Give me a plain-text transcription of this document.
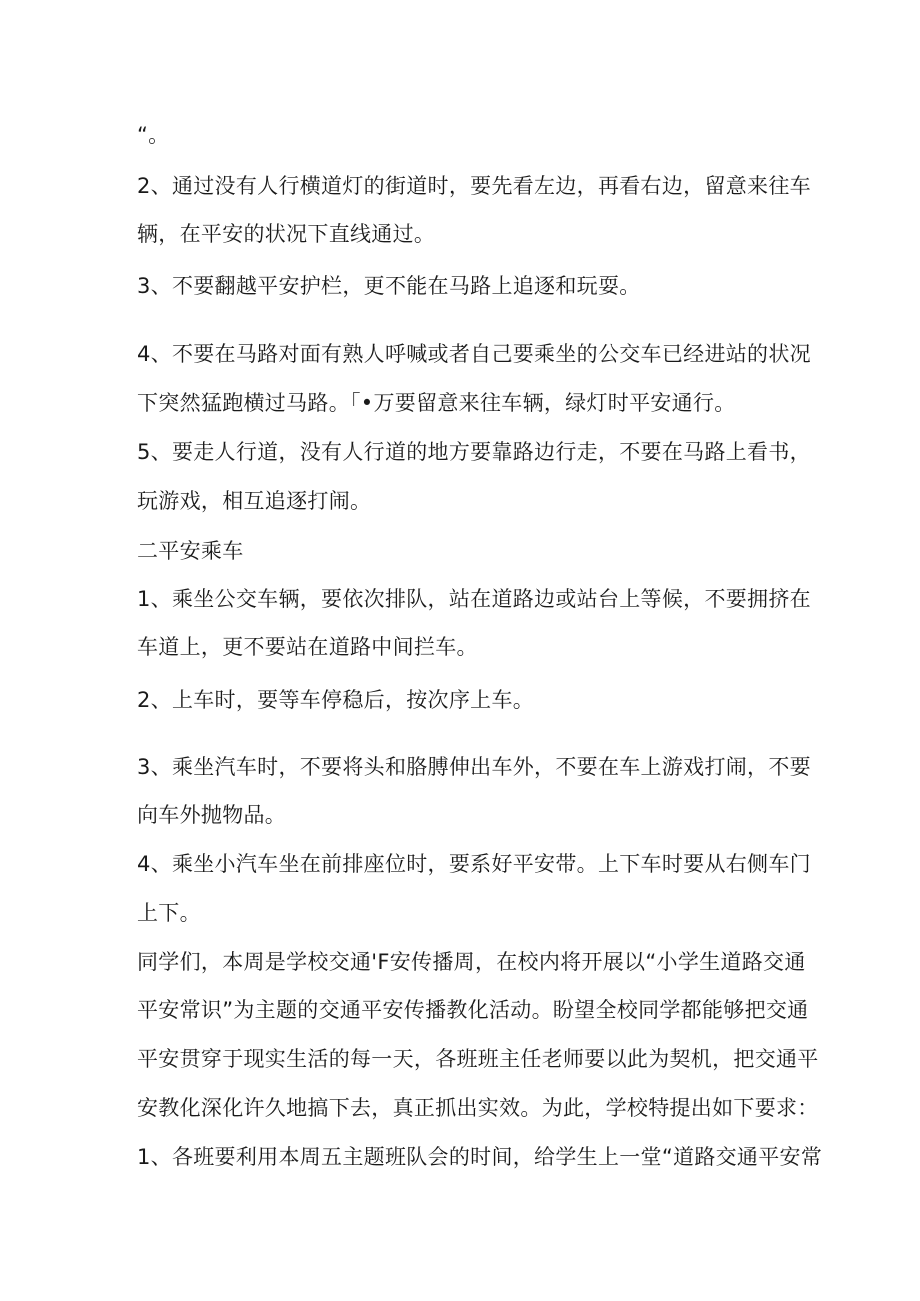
“。
2、通过没有人行横道灯的街道时，要先看左边，再看右边，留意来往车
辆，在平安的状况下直线通过。
3、不要翻越平安护栏，更不能在马路上追逐和玩耍。
4、不要在马路对面有熟人呼喊或者自己要乘坐的公交车已经进站的状况
下突然猛跑横过马路。「•万要留意来往车辆，绿灯时平安通行。
5、要走人行道，没有人行道的地方要靠路边行走，不要在马路上看书，
玩游戏，相互追逐打闹。
二平安乘车
1、乘坐公交车辆，要依次排队，站在道路边或站台上等候，不要拥挤在
车道上，更不要站在道路中间拦车。
2、上车时，要等车停稳后，按次序上车。
3、乘坐汽车时，不要将头和胳膊伸出车外，不要在车上游戏打闹，不要
向车外抛物品。
4、乘坐小汽车坐在前排座位时，要系好平安带。上下车时要从右侧车门
上下。
同学们，本周是学校交通'F安传播周，在校内将开展以“小学生道路交通
平安常识”为主题的交通平安传播教化活动。盼望全校同学都能够把交通
平安贯穿于现实生活的每一天，各班班主任老师要以此为契机，把交通平
安教化深化许久地搞下去，真正抓出实效。为此，学校特提出如下要求：
1、各班要利用本周五主题班队会的时间，给学生上一堂“道路交通平安常
